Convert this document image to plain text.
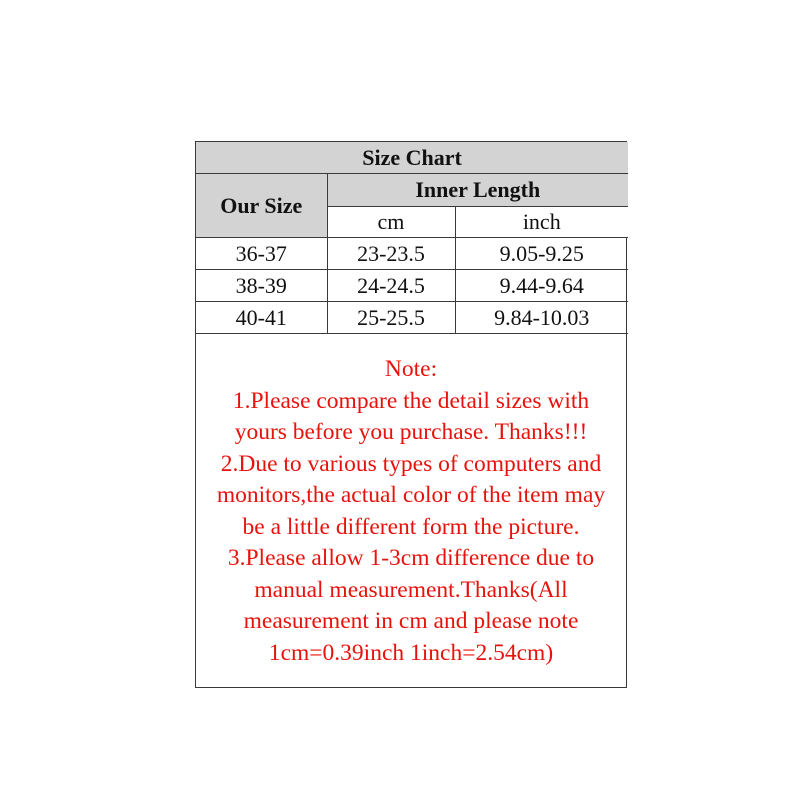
Size Chart		
Our Size	Inner Length	
	cm	inch
36-37	23-23.5	9.05-9.25
38-39	24-24.5	9.44-9.64
40-41	25-25.5	9.84-10.03
Note:
1.Please compare the detail sizes with
yours before you purchase. Thanks!!!
2.Due to various types of computers and
monitors,the actual color of the item may
be a little different form the picture.
3.Please allow 1-3cm difference due to
manual measurement.Thanks(All
measurement in cm and please note
1cm=0.39inch 1inch=2.54cm)
